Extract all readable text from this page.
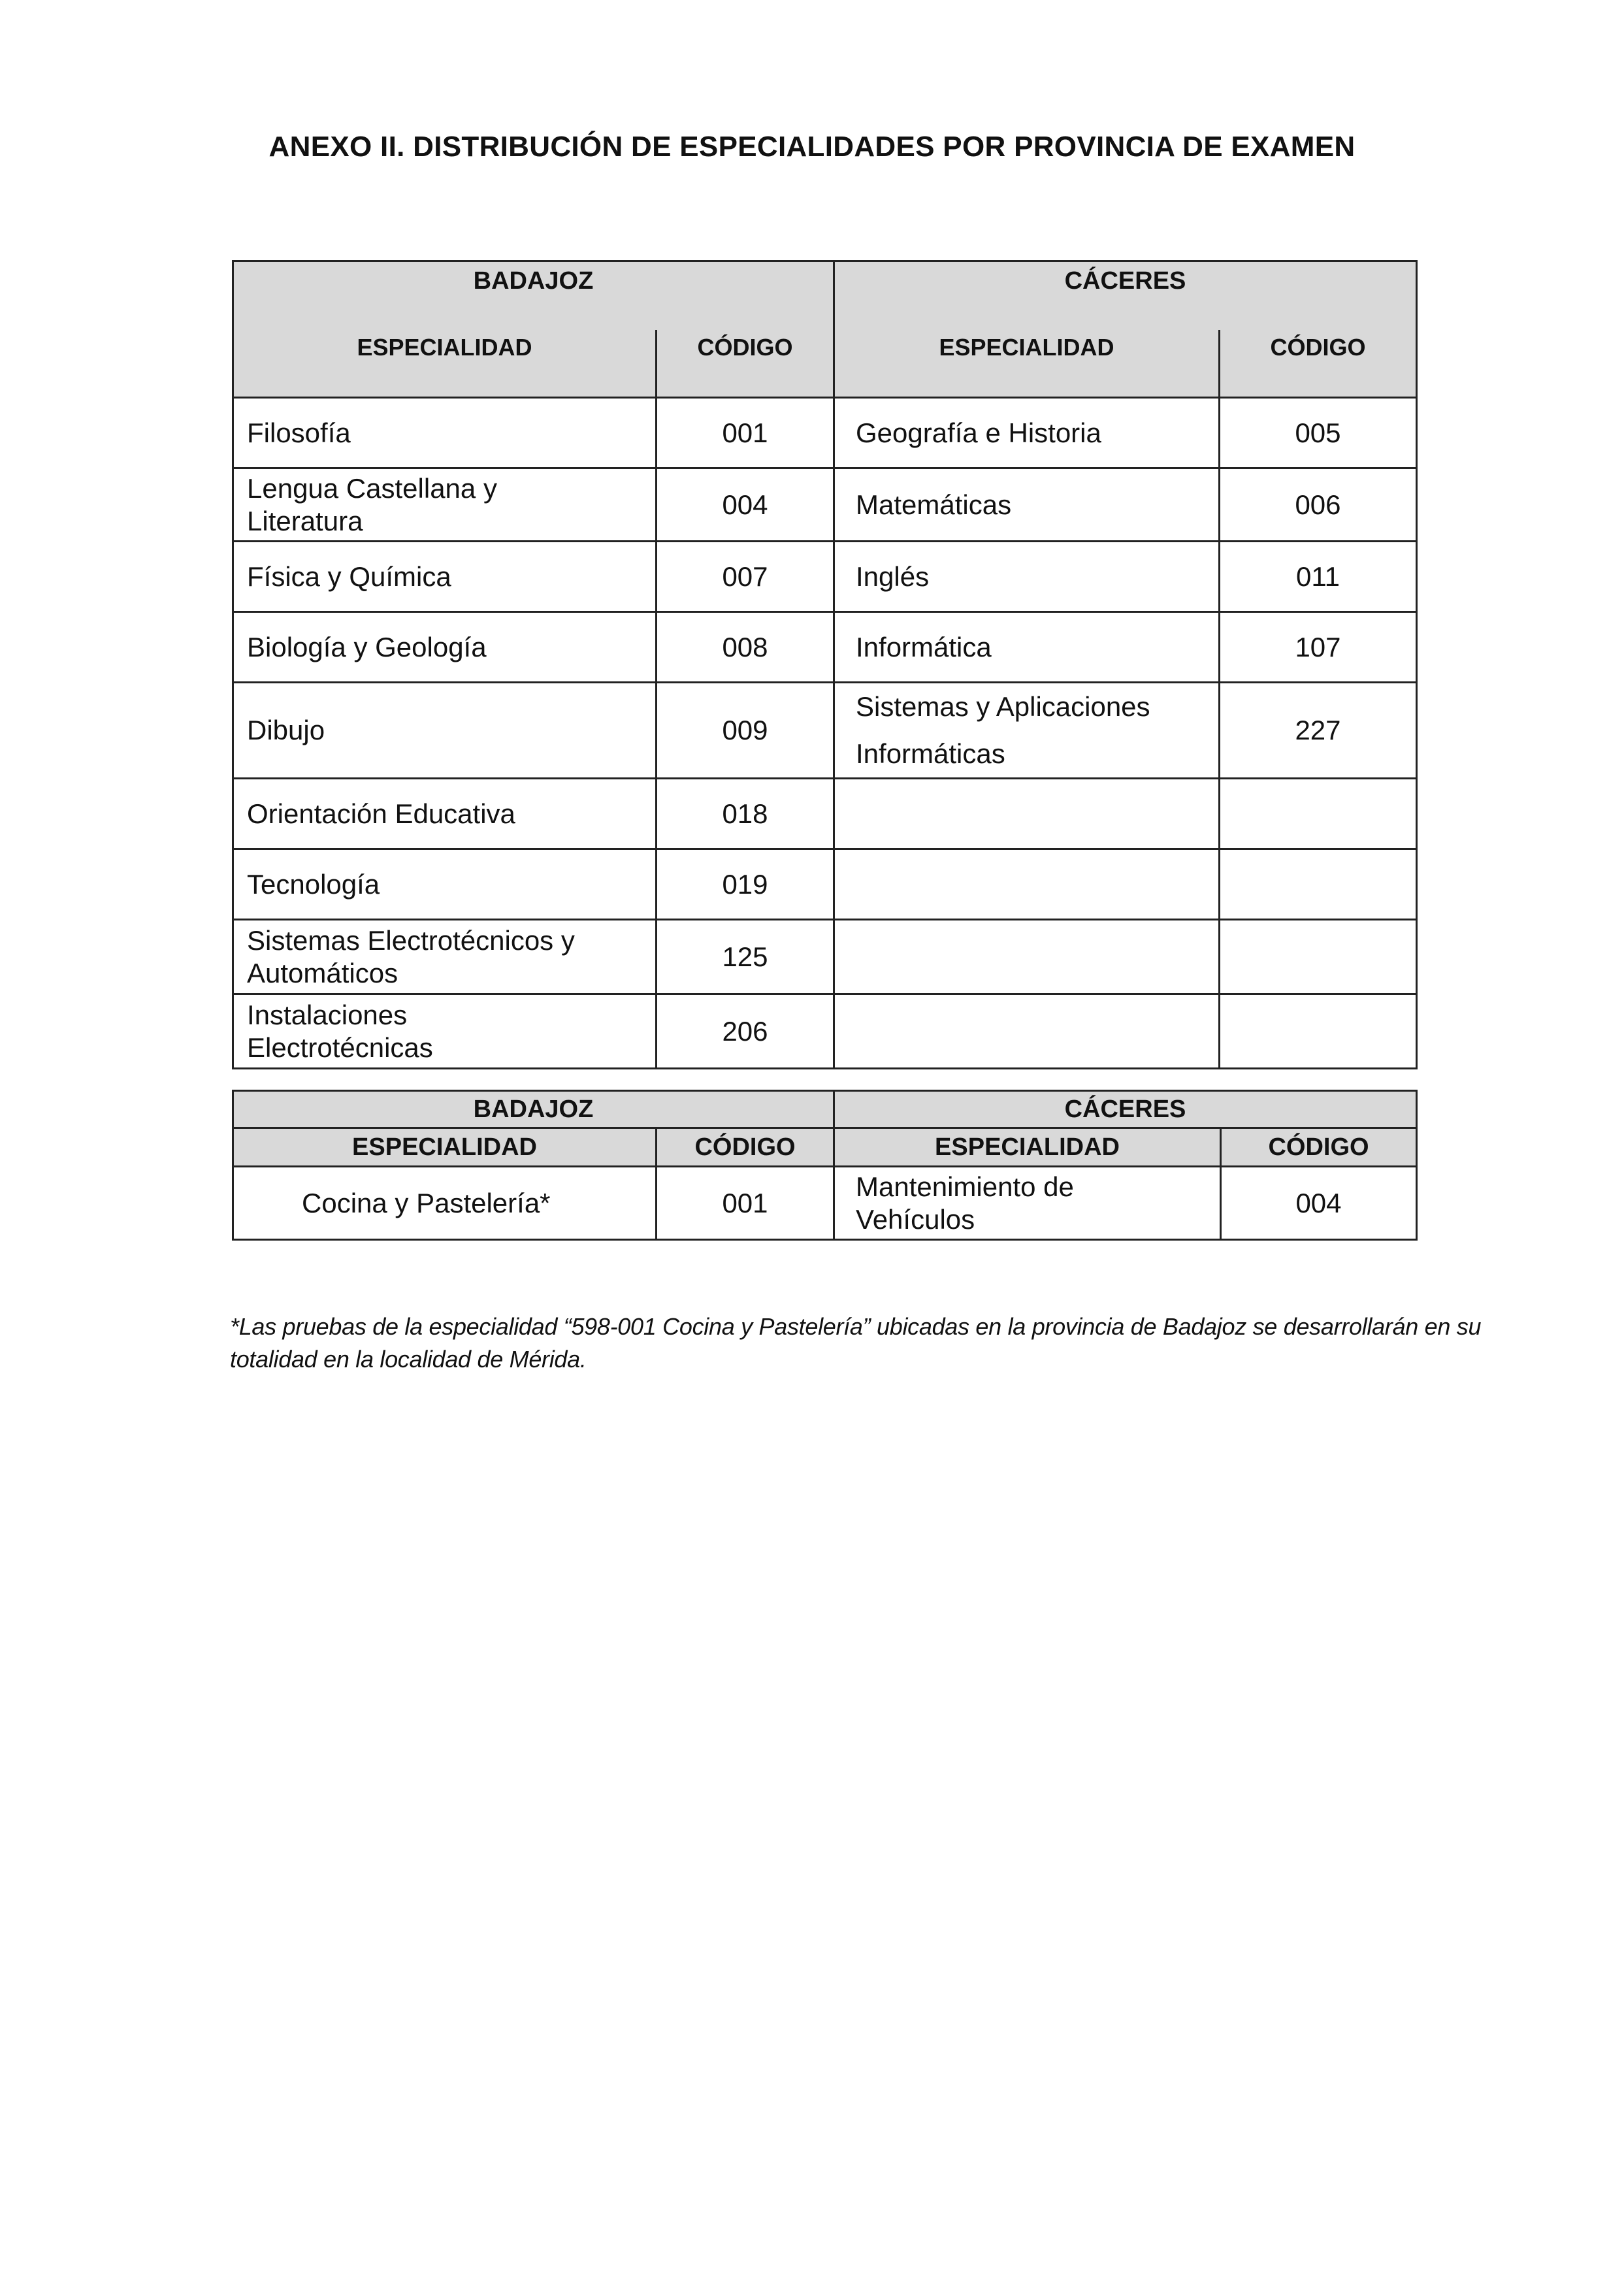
ANEXO II. DISTRIBUCIÓN DE ESPECIALIDADES POR PROVINCIA DE EXAMEN
BADAJOZ		CÁCERES	
ESPECIALIDAD	CÓDIGO	ESPECIALIDAD	CÓDIGO
Filosofía	001	Geografía e Historia	005
Lengua Castellana y Literatura	004	Matemáticas	006
Física y Química	007	Inglés	011
Biología y Geología	008	Informática	107
Dibujo	009	Sistemas y Aplicaciones Informáticas	227
Orientación Educativa	018		
Tecnología	019		
Sistemas Electrotécnicos y Automáticos	125		
Instalaciones Electrotécnicas	206		
BADAJOZ		CÁCERES	
ESPECIALIDAD	CÓDIGO	ESPECIALIDAD	CÓDIGO
Cocina y Pastelería*	001	Mantenimiento de Vehículos	004
*Las pruebas de la especialidad “598-001 Cocina y Pastelería” ubicadas en la provincia de Badajoz se desarrollarán en su totalidad en la localidad de Mérida.
